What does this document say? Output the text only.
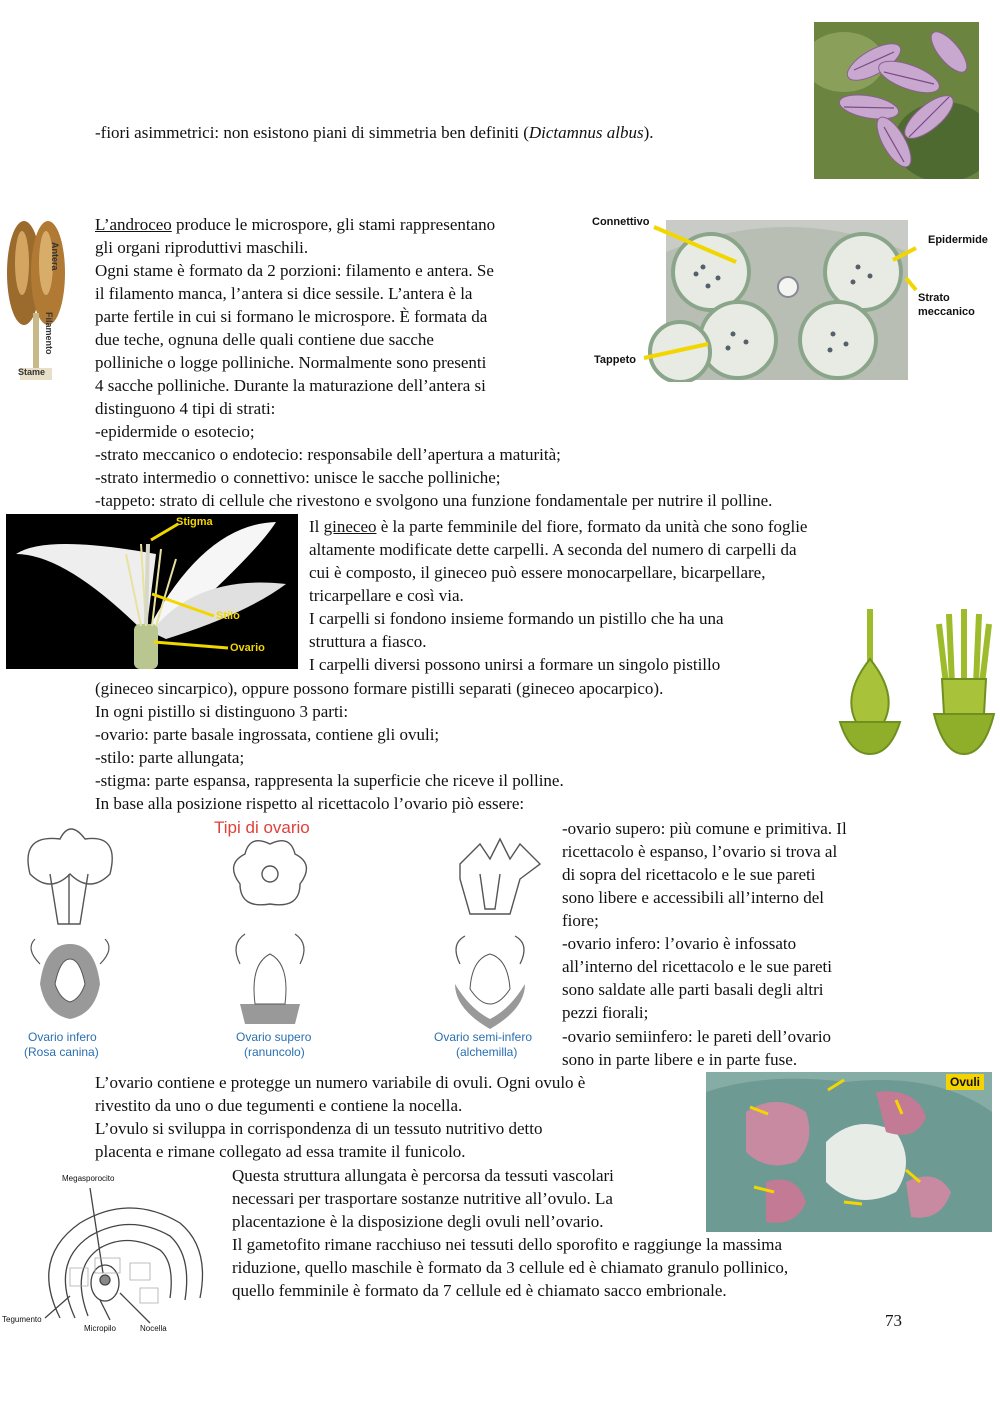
-fiori asimmetrici: non esistono piani di simmetria ben definiti (Dictamnus albus).

Antera
Filamento
Stame
Connettivo
Epidermide
Strato
meccanico
Tappeto

L’androceo produce le microspore, gli stami rappresentano

gli organi riproduttivi maschili.

Ogni stame è formato da 2 porzioni: filamento e antera. Se

il filamento manca, l’antera si dice sessile. L’antera è la

parte fertile in cui si formano le microspore. È formata da

due teche, ognuna delle quali contiene due sacche

polliniche o logge polliniche. Normalmente sono presenti

4 sacche polliniche. Durante la maturazione dell’antera si

distinguono 4 tipi di strati:

-epidermide o esotecio;

-strato meccanico o endotecio: responsabile dell’apertura a maturità;

-strato intermedio o connettivo: unisce le sacche polliniche;

-tappeto: strato di cellule che rivestono e svolgono una funzione fondamentale per nutrire il polline.

Stigma
Stilo
Ovario

Il gineceo è la parte femminile del fiore, formato da unità che sono foglie

altamente modificate dette carpelli. A seconda del numero di carpelli da

cui è composto, il gineceo può essere monocarpellare, bicarpellare,

tricarpellare e così via.

I carpelli si fondono insieme formando un pistillo che ha una

struttura a fiasco.

I carpelli diversi possono unirsi a formare un singolo pistillo

(gineceo sincarpico), oppure possono formare pistilli separati (gineceo apocarpico).

In ogni pistillo si distinguono 3 parti:

-ovario: parte basale ingrossata, contiene gli ovuli;

-stilo: parte allungata;

-stigma: parte espansa, rappresenta la superficie che riceve il polline.

In base alla posizione rispetto al ricettacolo l’ovario piò essere:

Tipi di ovario
Ovario infero
(Rosa canina)
Ovario supero
(ranuncolo)
Ovario semi-infero
(alchemilla)

-ovario supero: più comune e primitiva. Il

ricettacolo è espanso, l’ovario si trova al

di sopra del ricettacolo e le sue pareti

sono libere e accessibili all’interno del

fiore;

-ovario infero: l’ovario è infossato

all’interno del ricettacolo e le sue pareti

sono saldate alle parti basali degli altri

pezzi fiorali;

-ovario semiinfero: le pareti dell’ovario

sono in parte libere e in parte fuse.

Ovuli
Megasporocito
Tegumento
Micropilo	Nocella

L’ovario contiene e protegge un numero variabile di ovuli. Ogni ovulo è

rivestito da uno o due tegumenti e contiene la nocella.

L’ovulo si sviluppa in corrispondenza di un tessuto nutritivo detto

placenta e rimane collegato ad essa tramite il funicolo.

Questa struttura allungata è percorsa da tessuti vascolari

necessari per trasportare sostanze nutritive all’ovulo. La

placentazione è la disposizione degli ovuli nell’ovario.

Il gametofito rimane racchiuso nei tessuti dello sporofito e raggiunge la massima

riduzione, quello maschile è formato da 3 cellule ed è chiamato granulo pollinico,

quello femminile è formato da 7 cellule ed è chiamato sacco embrionale.

73
